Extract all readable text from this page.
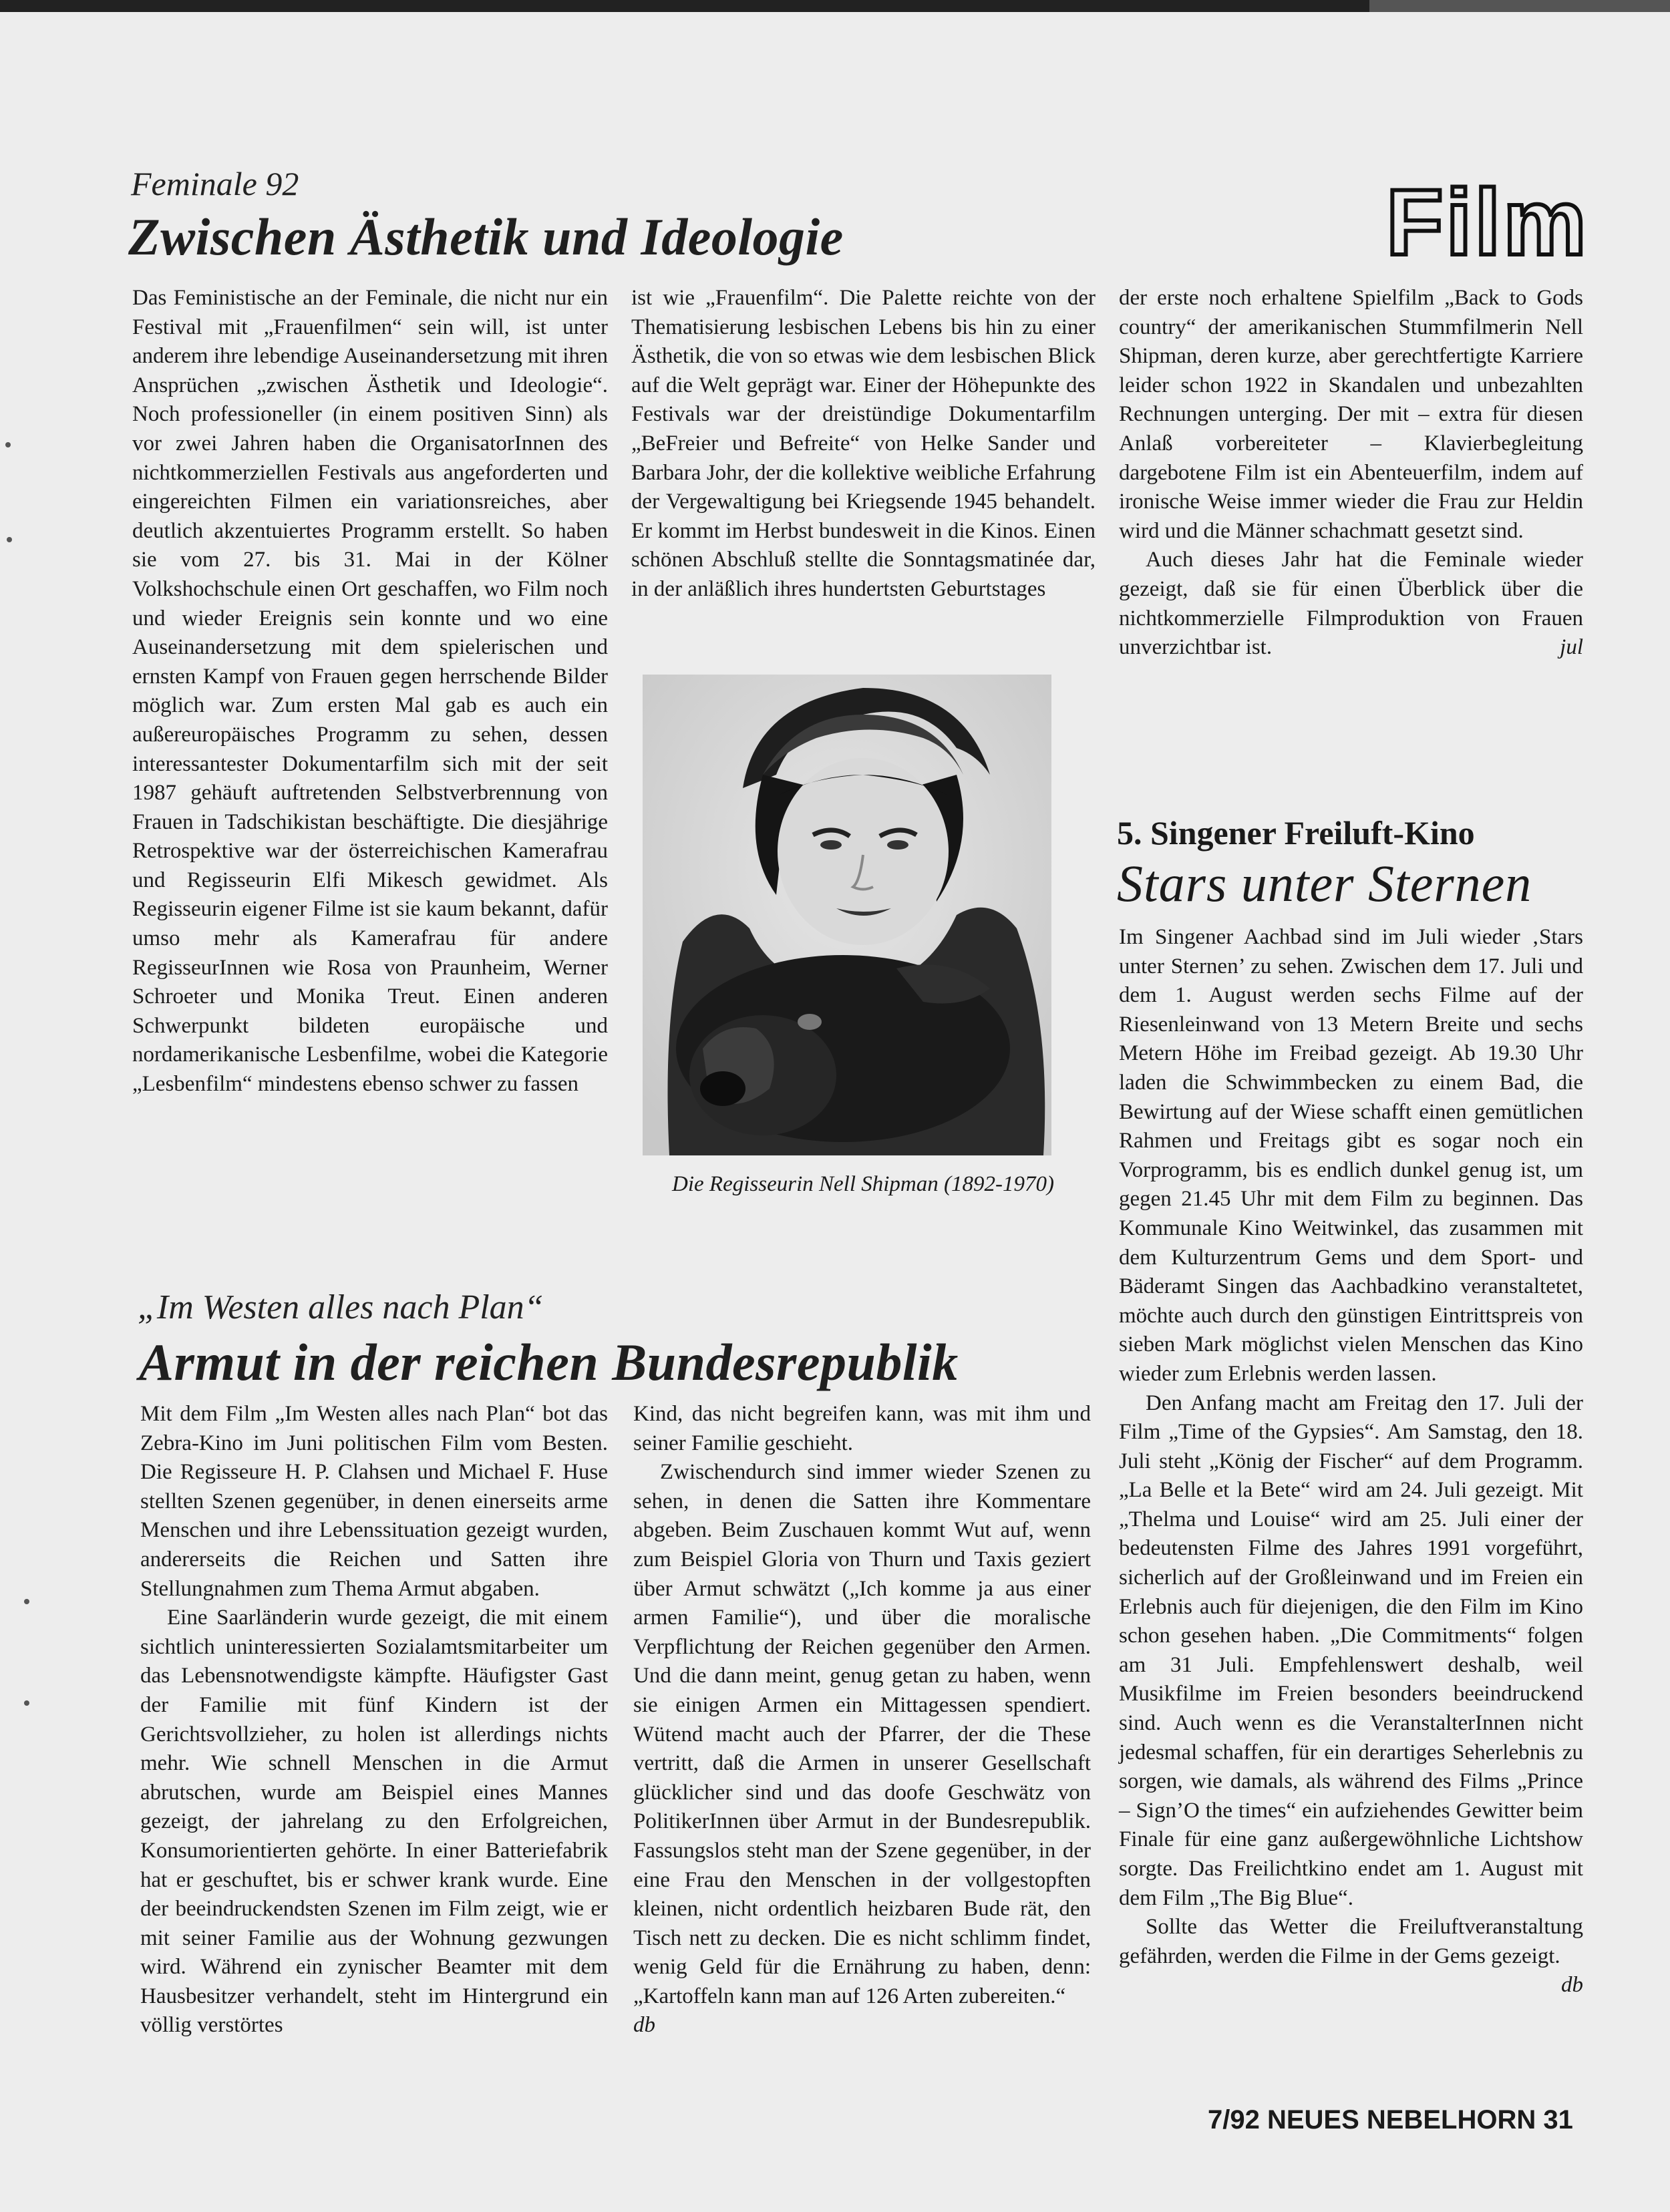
Film
Feminale 92
Zwischen Ästhetik und Ideologie

Das Feministische an der Feminale, die nicht nur ein Festival mit „Frauenfilmen“ sein will, ist unter anderem ihre lebendige Auseinandersetzung mit ihren Ansprüchen „zwischen Ästhetik und Ideologie“. Noch professioneller (in einem positiven Sinn) als vor zwei Jahren haben die OrganisatorInnen des nichtkommerziellen Festivals aus angeforderten und eingereichten Filmen ein variationsreiches, aber deutlich akzentuiertes Programm erstellt. So haben sie vom 27. bis 31. Mai in der Kölner Volkshochschule einen Ort geschaffen, wo Film noch und wieder Ereignis sein konnte und wo eine Auseinandersetzung mit dem spielerischen und ernsten Kampf von Frauen gegen herrschende Bilder möglich war. Zum ersten Mal gab es auch ein außereuropäisches Programm zu sehen, dessen interessantester Dokumentarfilm sich mit der seit 1987 gehäuft auftretenden Selbstverbrennung von Frauen in Tadschikistan beschäftigte. Die diesjährige Retrospektive war der österreichischen Kamerafrau und Regisseurin Elfi Mikesch gewidmet. Als Regisseurin eigener Filme ist sie kaum bekannt, dafür umso mehr als Kamerafrau für andere RegisseurInnen wie Rosa von Praunheim, Werner Schroeter und Monika Treut. Einen anderen Schwerpunkt bildeten europäische und nordamerikanische Lesbenfilme, wobei die Kategorie „Lesbenfilm“ mindestens ebenso schwer zu fassen

ist wie „Frauenfilm“. Die Palette reichte von der Thematisierung lesbischen Lebens bis hin zu einer Ästhetik, die von so etwas wie dem lesbischen Blick auf die Welt geprägt war. Einer der Höhepunkte des Festivals war der dreistündige Dokumentarfilm „BeFreier und Befreite“ von Helke Sander und Barbara Johr, der die kollektive weibliche Erfahrung der Vergewaltigung bei Kriegsende 1945 behandelt. Er kommt im Herbst bundesweit in die Kinos. Einen schönen Abschluß stellte die Sonntagsmatinée dar, in der anläßlich ihres hundertsten Geburtstages

der erste noch erhaltene Spielfilm „Back to Gods country“ der amerikanischen Stummfilmerin Nell Shipman, deren kurze, aber gerechtfertigte Karriere leider schon 1922 in Skandalen und unbezahlten Rechnungen unterging. Der mit – extra für diesen Anlaß vorbereiteter – Klavierbegleitung dargebotene Film ist ein Abenteuerfilm, indem auf ironische Weise immer wieder die Frau zur Heldin wird und die Männer schachmatt gesetzt sind.

Auch dieses Jahr hat die Feminale wieder gezeigt, daß sie für einen Überblick über die nichtkommerzielle Filmproduktion von Frauen unverzichtbar ist.	jul

Die Regisseurin Nell Shipman (1892-1970)
„Im Westen alles nach Plan“
Armut in der reichen Bundesrepublik

Mit dem Film „Im Westen alles nach Plan“ bot das Zebra-Kino im Juni politischen Film vom Besten. Die Regisseure H. P. Clahsen und Michael F. Huse stellten Szenen gegenüber, in denen einerseits arme Menschen und ihre Lebenssituation gezeigt wurden, andererseits die Reichen und Satten ihre Stellungnahmen zum Thema Armut abgaben.

Eine Saarländerin wurde gezeigt, die mit einem sichtlich uninteressierten Sozialamtsmitarbeiter um das Lebensnotwendigste kämpfte. Häufigster Gast der Familie mit fünf Kindern ist der Gerichtsvollzieher, zu holen ist allerdings nichts mehr. Wie schnell Menschen in die Armut abrutschen, wurde am Beispiel eines Mannes gezeigt, der jahrelang zu den Erfolgreichen, Konsumorientierten gehörte. In einer Batteriefabrik hat er geschuftet, bis er schwer krank wurde. Eine der beeindruckendsten Szenen im Film zeigt, wie er mit seiner Familie aus der Wohnung gezwungen wird. Während ein zynischer Beamter mit dem Hausbesitzer verhandelt, steht im Hintergrund ein völlig verstörtes

Kind, das nicht begreifen kann, was mit ihm und seiner Familie geschieht.

Zwischendurch sind immer wieder Szenen zu sehen, in denen die Satten ihre Kommentare abgeben. Beim Zuschauen kommt Wut auf, wenn zum Beispiel Gloria von Thurn und Taxis geziert über Armut schwätzt („Ich komme ja aus einer armen Familie“), und über die moralische Verpflichtung der Reichen gegenüber den Armen. Und die dann meint, genug getan zu haben, wenn sie einigen Armen ein Mittagessen spendiert. Wütend macht auch der Pfarrer, der die These vertritt, daß die Armen in unserer Gesellschaft glücklicher sind und das doofe Geschwätz von PolitikerInnen über Armut in der Bundesrepublik. Fassungslos steht man der Szene gegenüber, in der eine Frau den Menschen in der vollgestopften kleinen, nicht ordentlich heizbaren Bude rät, den Tisch nett zu decken. Die es nicht schlimm findet, wenig Geld für die Ernährung zu haben, denn: „Kartoffeln kann man auf 126 Arten zubereiten.“

db

5. Singener Freiluft-Kino
Stars unter Sternen

Im Singener Aachbad sind im Juli wieder ‚Stars unter Sternen’ zu sehen. Zwischen dem 17. Juli und dem 1. August werden sechs Filme auf der Riesenleinwand von 13 Metern Breite und sechs Metern Höhe im Freibad gezeigt. Ab 19.30 Uhr laden die Schwimmbecken zu einem Bad, die Bewirtung auf der Wiese schafft einen gemütlichen Rahmen und Freitags gibt es sogar noch ein Vorprogramm, bis es endlich dunkel genug ist, um gegen 21.45 Uhr mit dem Film zu beginnen. Das Kommunale Kino Weitwinkel, das zusammen mit dem Kulturzentrum Gems und dem Sport- und Bäderamt Singen das Aachbadkino veranstaltetet, möchte auch durch den günstigen Eintrittspreis von sieben Mark möglichst vielen Menschen das Kino wieder zum Erlebnis werden lassen.

Den Anfang macht am Freitag den 17. Juli der Film „Time of the Gypsies“. Am Samstag, den 18. Juli steht „König der Fischer“ auf dem Programm. „La Belle et la Bete“ wird am 24. Juli gezeigt. Mit „Thelma und Louise“ wird am 25. Juli einer der bedeutensten Filme des Jahres 1991 vorgeführt, sicherlich auf der Großleinwand und im Freien ein Erlebnis auch für diejenigen, die den Film im Kino schon gesehen haben. „Die Commitments“ folgen am 31 Juli. Empfehlenswert deshalb, weil Musikfilme im Freien besonders beeindruckend sind. Auch wenn es die VeranstalterInnen nicht jedesmal schaffen, für ein derartiges Seherlebnis zu sorgen, wie damals, als während des Films „Prince – Sign’O the times“ ein aufziehendes Gewitter beim Finale für eine ganz außergewöhnliche Lichtshow sorgte. Das Freilichtkino endet am 1. August mit dem Film „The Big Blue“.

Sollte das Wetter die Freiluftveranstaltung gefährden, werden die Filme in der Gems gezeigt.
db

7/92 NEUES NEBELHORN 31
